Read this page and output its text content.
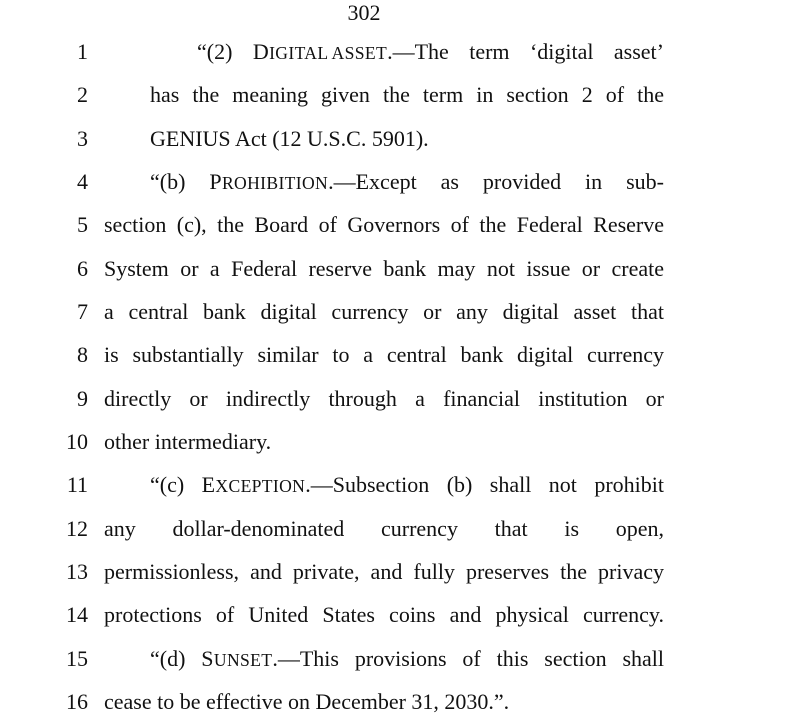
302
1	“(2) DIGITAL ASSET.—The term ‘digital asset’
2	has the meaning given the term in section 2 of the
3	GENIUS Act (12 U.S.C. 5901).
4	“(b) PROHIBITION.—Except as provided in sub-
5 section (c), the Board of Governors of the Federal Reserve
6 System or a Federal reserve bank may not issue or create
7 a central bank digital currency or any digital asset that
8 is substantially similar to a central bank digital currency
9 directly or indirectly through a financial institution or
10 other intermediary.
11	“(c) EXCEPTION.—Subsection (b) shall not prohibit
12 any dollar-denominated currency that is open,
13 permissionless, and private, and fully preserves the privacy
14 protections of United States coins and physical currency.
15	“(d) SUNSET.—This provisions of this section shall
16 cease to be effective on December 31, 2030.”.
